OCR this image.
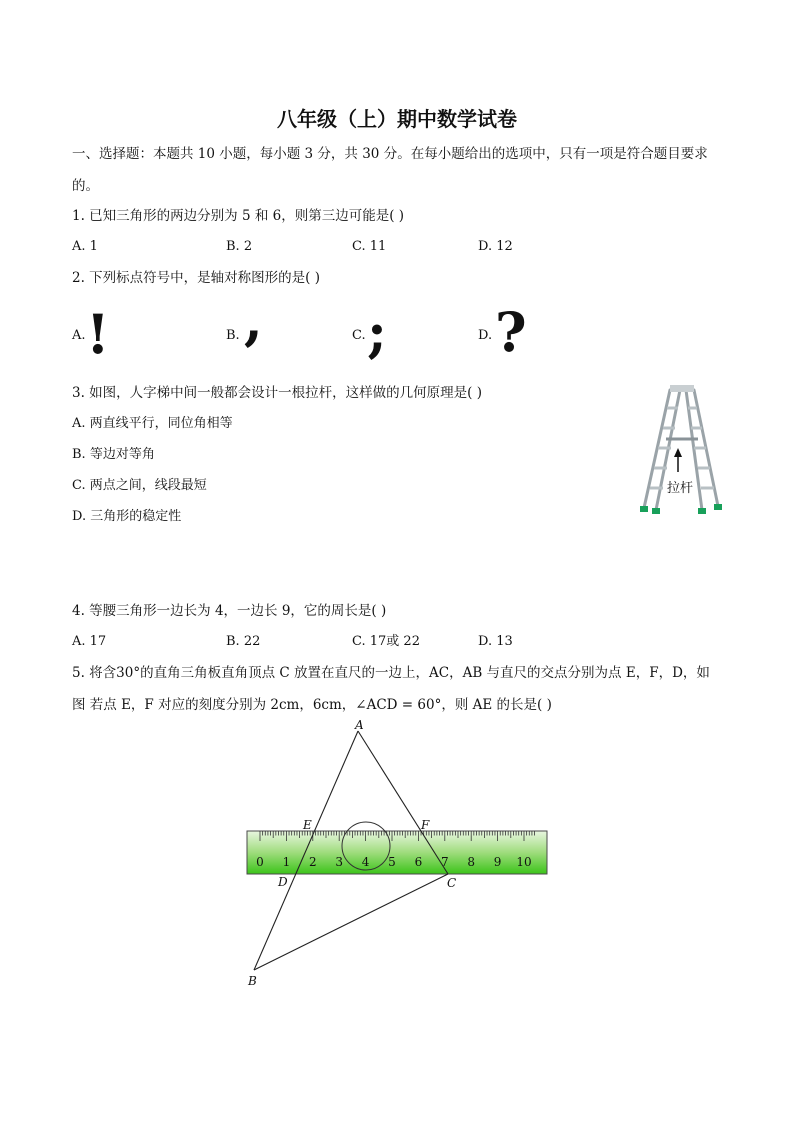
八年级（上）期中数学试卷
一、选择题：本题共 10 小题，每小题 3 分，共 30 分。在每小题给出的选项中，只有一项是符合题目要求
的。
1. 已知三角形的两边分别为 5 和 6，则第三边可能是( )
A. 1	B. 2	C. 11	D. 12
2. 下列标点符号中，是轴对称图形的是( )
A. !	B. ,	C. ;	D. ?
3. 如图，人字梯中间一般都会设计一根拉杆，这样做的几何原理是( )
A. 两直线平行，同位角相等
B. 等边对等角
C. 两点之间，线段最短
D. 三角形的稳定性
拉杆
4. 等腰三角形一边长为 4，一边长 9，它的周长是( )
A. 17	B. 22	C. 17或 22	D. 13
5. 将含30°的直角三角板直角顶点 C 放置在直尺的一边上，AC，AB 与直尺的交点分别为点 E，F，D，如
图 若点 E，F 对应的刻度分别为 2cm，6cm，∠ACD = 60°，则 AE 的长是( )
0 1 2 3 4 5 6 7 8 9 10
A
B
C
D
E	F
